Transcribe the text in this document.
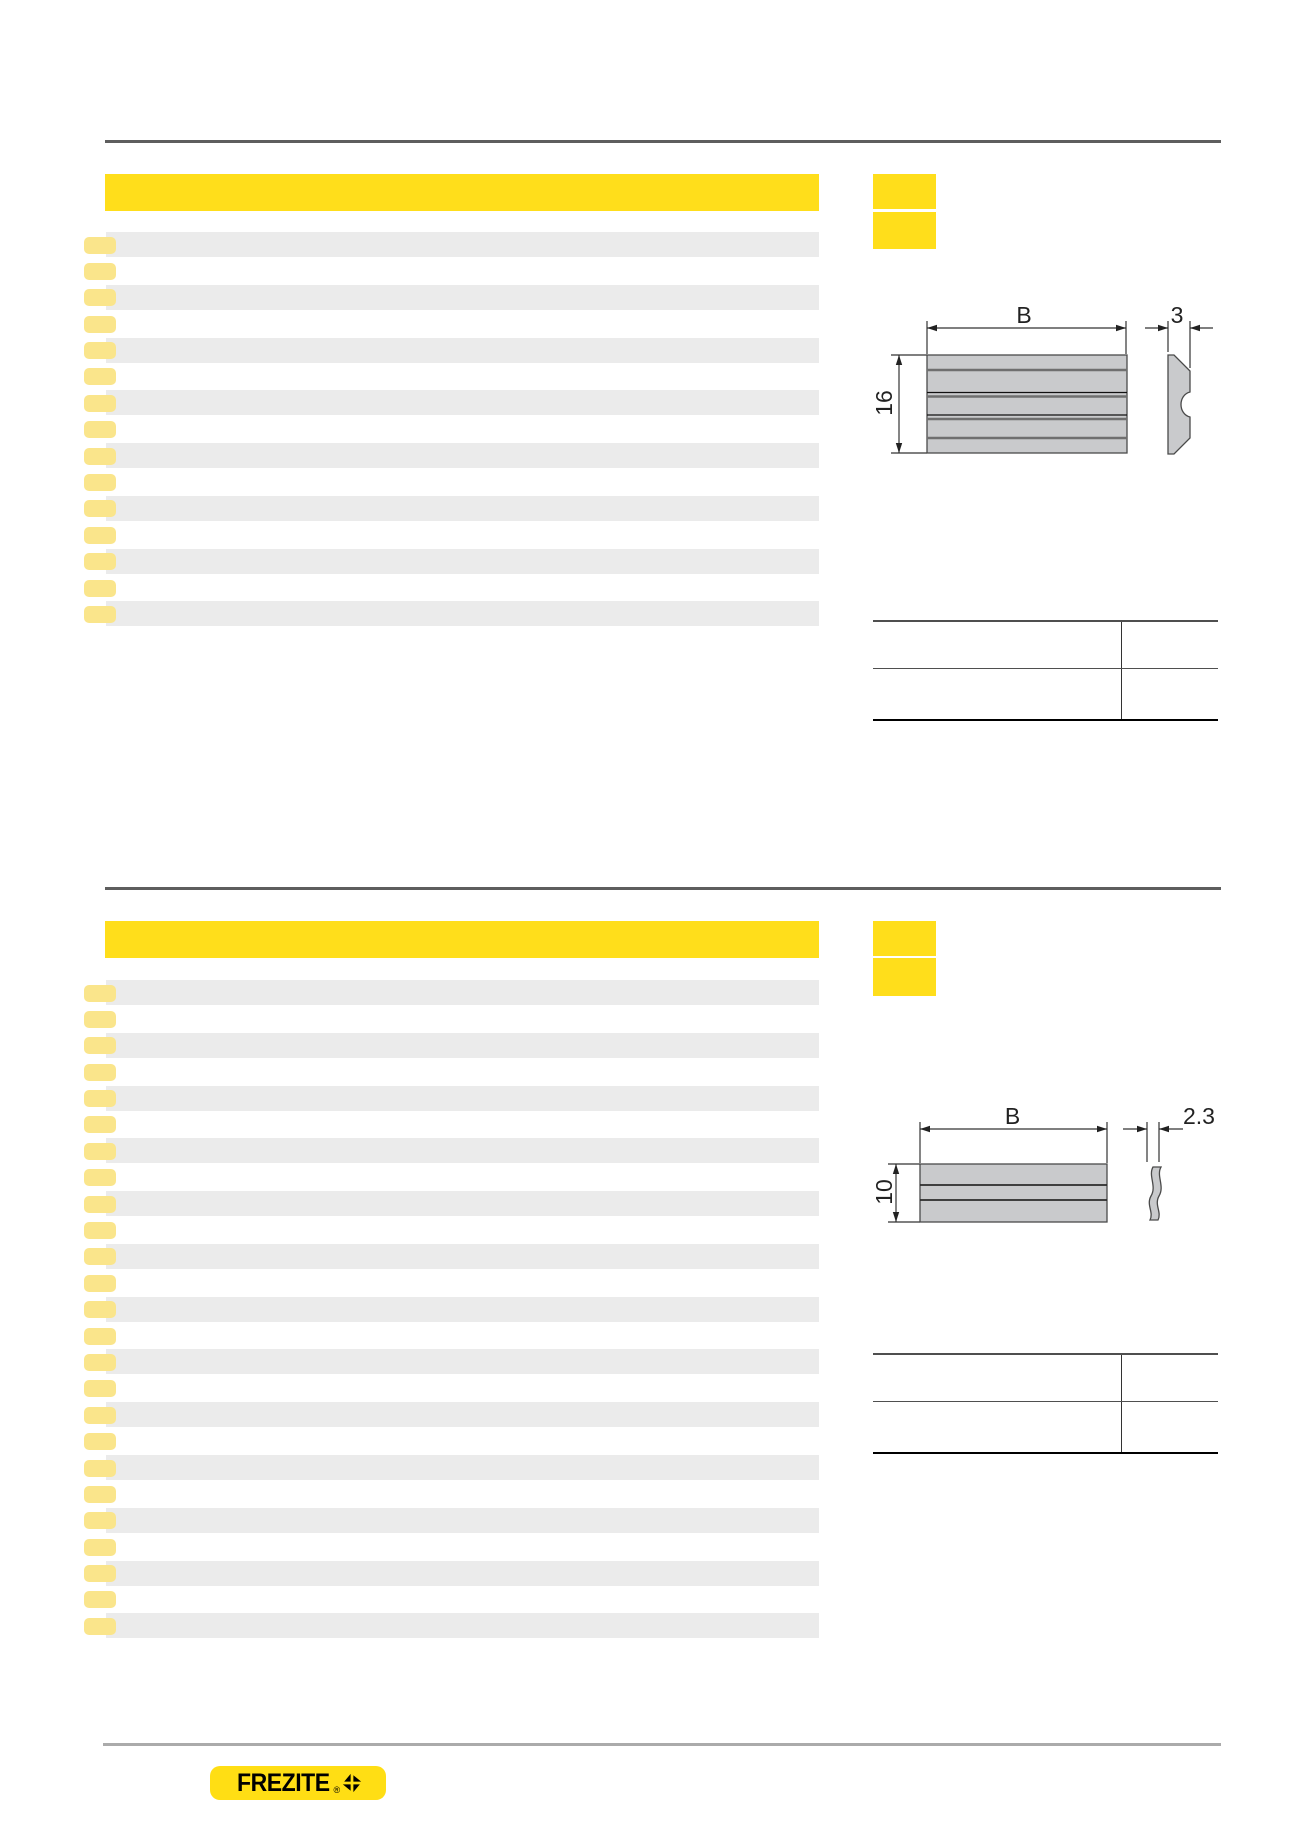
B
16
3
B
10
2.3
FREZITE ®
